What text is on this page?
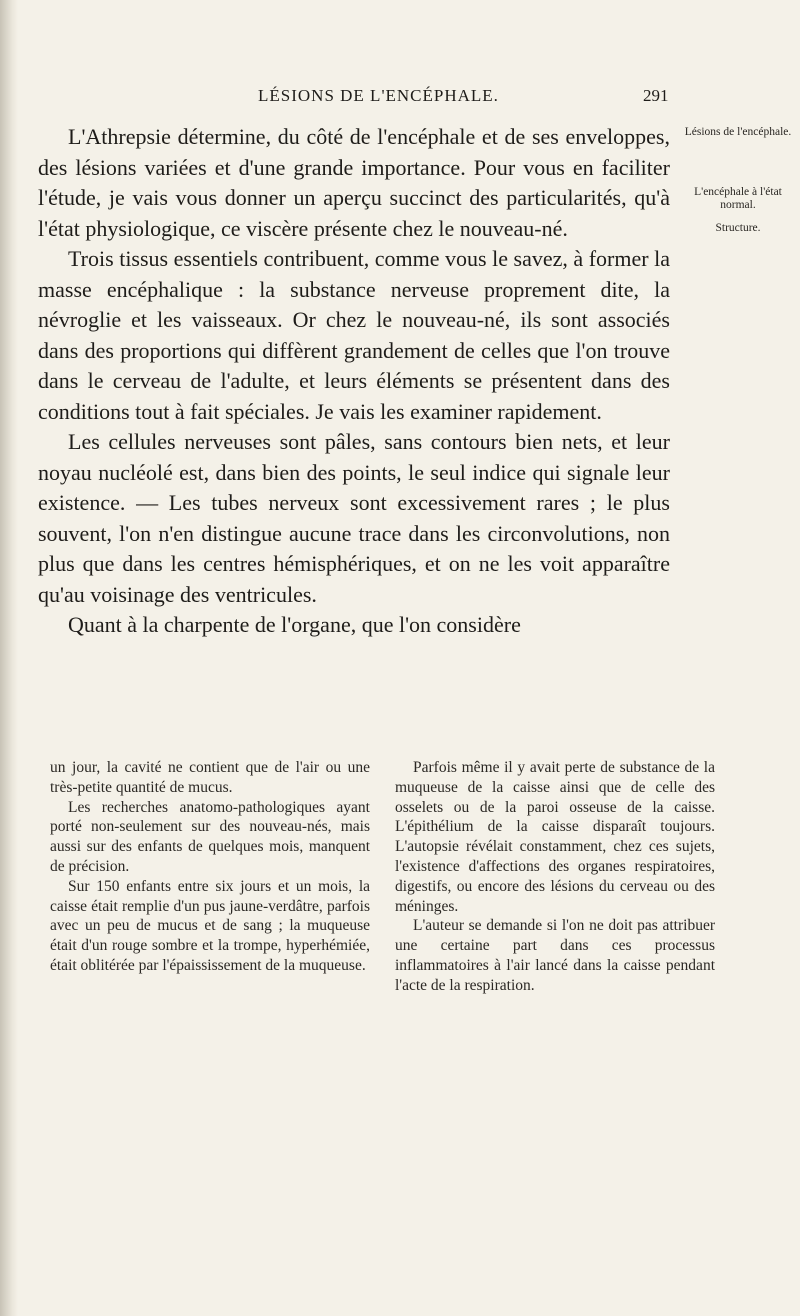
LÉSIONS DE L'ENCÉPHALE.	291

L'Athrepsie détermine, du côté de l'encéphale et de ses enveloppes, des lésions variées et d'une grande importance. Pour vous en faciliter l'étude, je vais vous donner un aperçu succinct des particularités, qu'à l'état physiologique, ce viscère présente chez le nouveau-né.

Trois tissus essentiels contribuent, comme vous le savez, à former la masse encéphalique : la substance nerveuse proprement dite, la névroglie et les vaisseaux. Or chez le nouveau-né, ils sont associés dans des proportions qui diffèrent grandement de celles que l'on trouve dans le cerveau de l'adulte, et leurs éléments se présentent dans des conditions tout à fait spéciales. Je vais les examiner rapidement.

Les cellules nerveuses sont pâles, sans contours bien nets, et leur noyau nucléolé est, dans bien des points, le seul indice qui signale leur existence. — Les tubes nerveux sont excessivement rares ; le plus souvent, l'on n'en distingue aucune trace dans les circonvolutions, non plus que dans les centres hémisphériques, et on ne les voit apparaître qu'au voisinage des ventricules.

Quant à la charpente de l'organe, que l'on considère

Lésions de l'encéphale.
L'encéphale à l'état normal.
Structure.

un jour, la cavité ne contient que de l'air ou une très-petite quantité de mucus.

Les recherches anatomo-pathologiques ayant porté non-seulement sur des nouveau-nés, mais aussi sur des enfants de quelques mois, manquent de précision.

Sur 150 enfants entre six jours et un mois, la caisse était remplie d'un pus jaune-verdâtre, parfois avec un peu de mucus et de sang ; la muqueuse était d'un rouge sombre et la trompe, hyperhémiée, était oblitérée par l'épaississement de la muqueuse.

Parfois même il y avait perte de substance de la muqueuse de la caisse ainsi que de celle des osselets ou de la paroi osseuse de la caisse. L'épithélium de la caisse disparaît toujours. L'autopsie révélait constamment, chez ces sujets, l'existence d'affections des organes respiratoires, digestifs, ou encore des lésions du cerveau ou des méninges.

L'auteur se demande si l'on ne doit pas attribuer une certaine part dans ces processus inflammatoires à l'air lancé dans la caisse pendant l'acte de la respiration.
